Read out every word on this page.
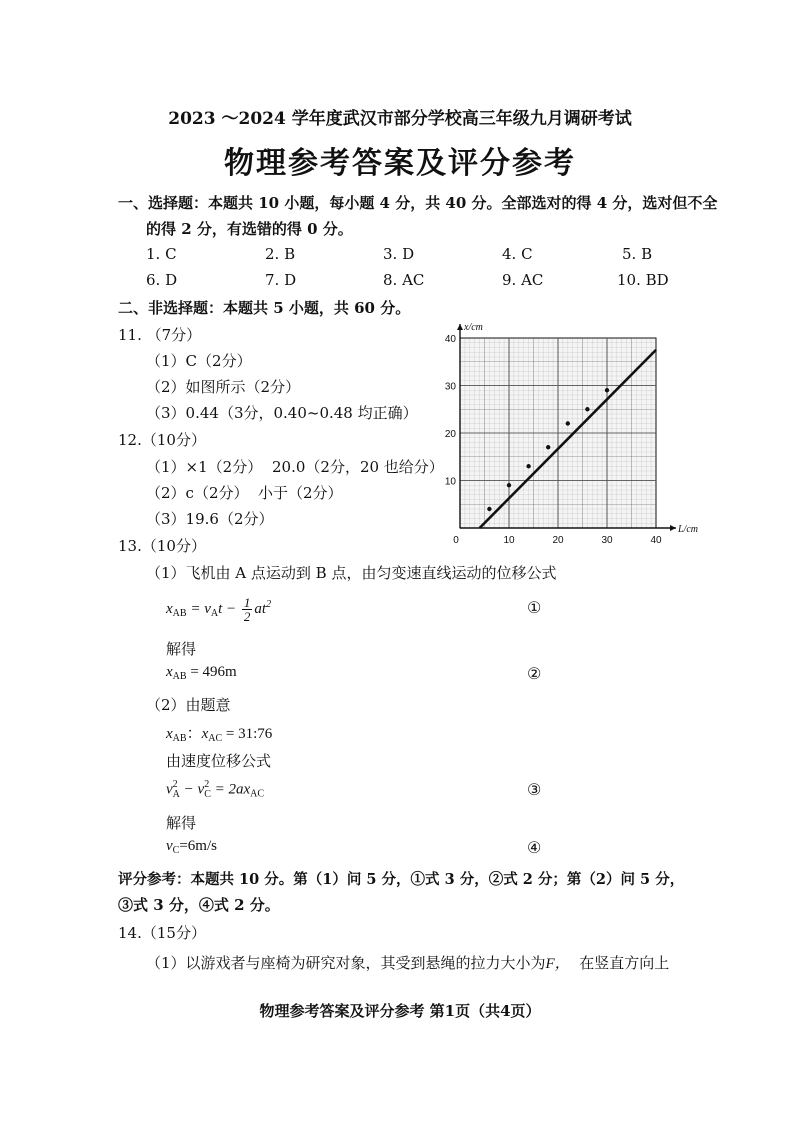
2023 ～2024 学年度武汉市部分学校高三年级九月调研考试
物理参考答案及评分参考
一、选择题：本题共 10 小题，每小题 4 分，共 40 分。全部选对的得 4 分，选对但不全
的得 2 分，有选错的得 0 分。
1. C	2. B	3. D	4. C	5. B
6. D	7. D	8. AC	9. AC	10. BD
二、非选择题：本题共 5 小题，共 60 分。
11. （7分）
（1）C（2分）
（2）如图所示（2分）
（3）0.44（3分，0.40~0.48 均正确）
L/cm
x/cm
0	10	20	30	40
10
20
30
40
12.（10分）
（1）×1（2分） 20.0（2分，20 也给分）
（2）c（2分） 小于（2分）
（3）19.6（2分）
13.（10分）
（1）飞机由 A 点运动到 B 点，由匀变速直线运动的位移公式
$x_{AB} = v_At - \frac{1}{2} at^2$	①
解得
$x_{AB} = 496m$	②
（2）由题意
$x_{AB}$：$x_{AC}$ = 31:76
由速度位移公式
v 2
A − v 2
$C = 2ax_{AC}$	③
解得
$v_C=6m/s$	④
评分参考：本题共 10 分。第（1）问 5 分，①式 3 分，②式 2 分；第（2）问 5 分，
③式 3 分，④式 2 分。
14.（15分）
（1）以游戏者与座椅为研究对象，其受到悬绳的拉力大小为F， 在竖直方向上
物理参考答案及评分参考 第1页（共4页）
